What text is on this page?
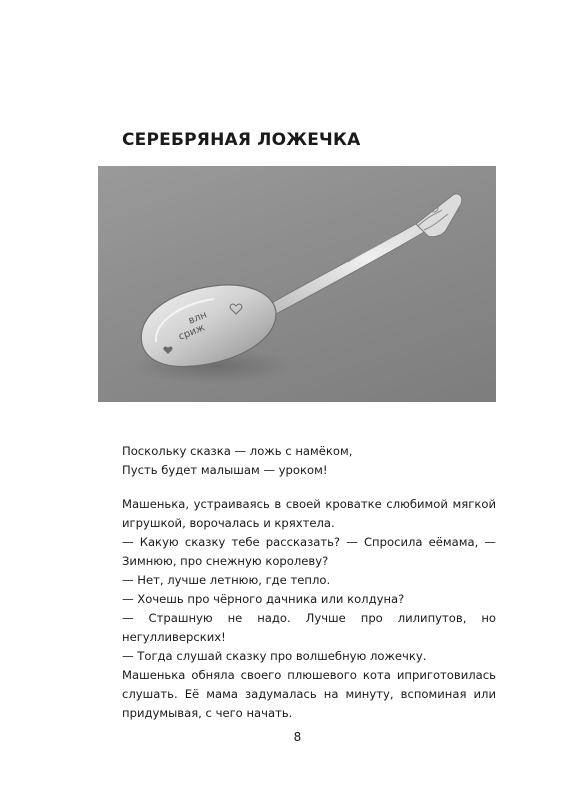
СЕРЕБРЯНАЯ ЛОЖЕЧКА
влн
сриж

Поскольку сказка — ложь с намёком,

Пусть будет малышам — уроком!

Машенька, устраиваясь в своей кроватке слюбимой мягкой игрушкой, ворочалась и кряхтела.

— Какую сказку тебе рассказать? — Спросила еёмама, — Зимнюю, про снежную королеву?

— Нет, лучше летнюю, где тепло.

— Хочешь про чёрного дачника или колдуна?

— Страшную не надо. Лучше про лилипутов, но негулливерских!

— Тогда слушай сказку про волшебную ложечку.

Машенька обняла своего плюшевого кота иприготовилась слушать. Её мама задумалась на минуту, вспоминая или придумывая, с чего начать.

8
